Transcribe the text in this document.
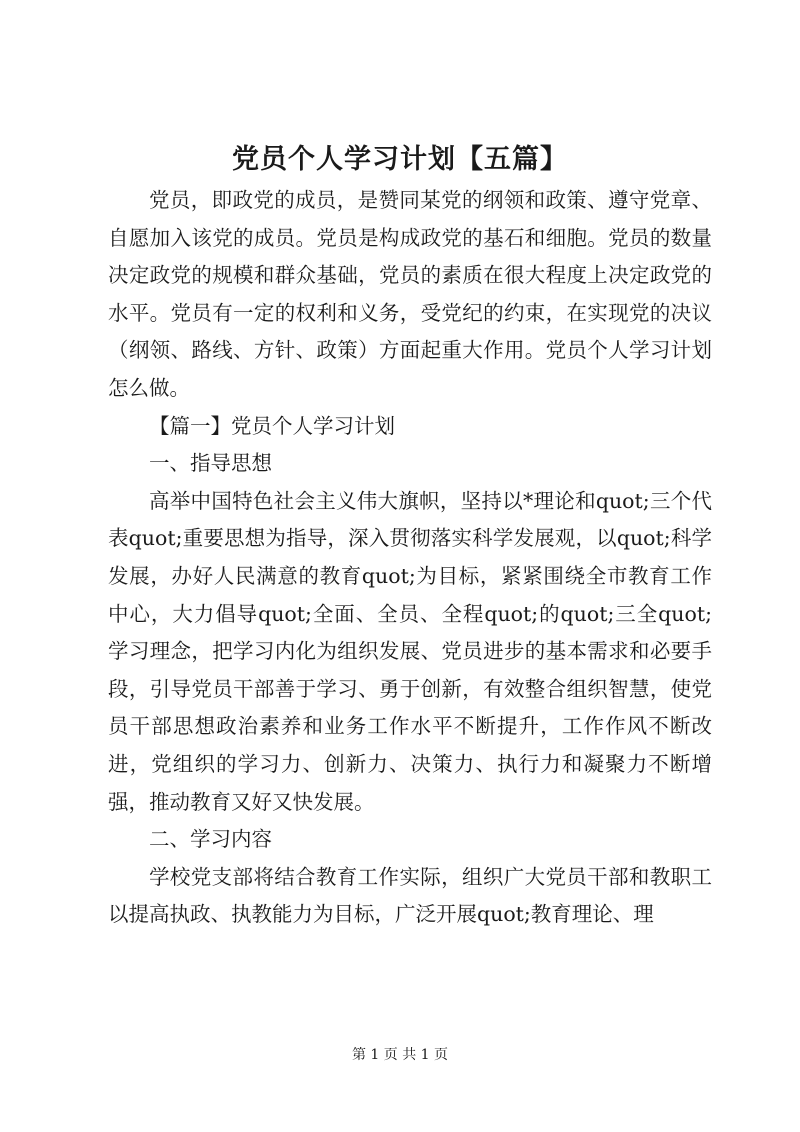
党员个人学习计划【五篇】

党员，即政党的成员，是赞同某党的纲领和政策、遵守党章、自愿加入该党的成员。党员是构成政党的基石和细胞。党员的数量决定政党的规模和群众基础，党员的素质在很大程度上决定政党的水平。党员有一定的权利和义务，受党纪的约束，在实现党的决议（纲领、路线、方针、政策）方面起重大作用。党员个人学习计划怎么做。

【篇一】党员个人学习计划

一、指导思想

高举中国特色社会主义伟大旗帜，坚持以*理论和quot;三个代表quot;重要思想为指导，深入贯彻落实科学发展观，以quot;科学发展，办好人民满意的教育quot;为目标，紧紧围绕全市教育工作中心，大力倡导quot;全面、全员、全程quot;的quot;三全quot;学习理念，把学习内化为组织发展、党员进步的基本需求和必要手段，引导党员干部善于学习、勇于创新，有效整合组织智慧，使党员干部思想政治素养和业务工作水平不断提升，工作作风不断改进，党组织的学习力、创新力、决策力、执行力和凝聚力不断增强，推动教育又好又快发展。

二、学习内容

学校党支部将结合教育工作实际，组织广大党员干部和教职工以提高执政、执教能力为目标，广泛开展quot;教育理论、理

第 1 页 共 1 页
